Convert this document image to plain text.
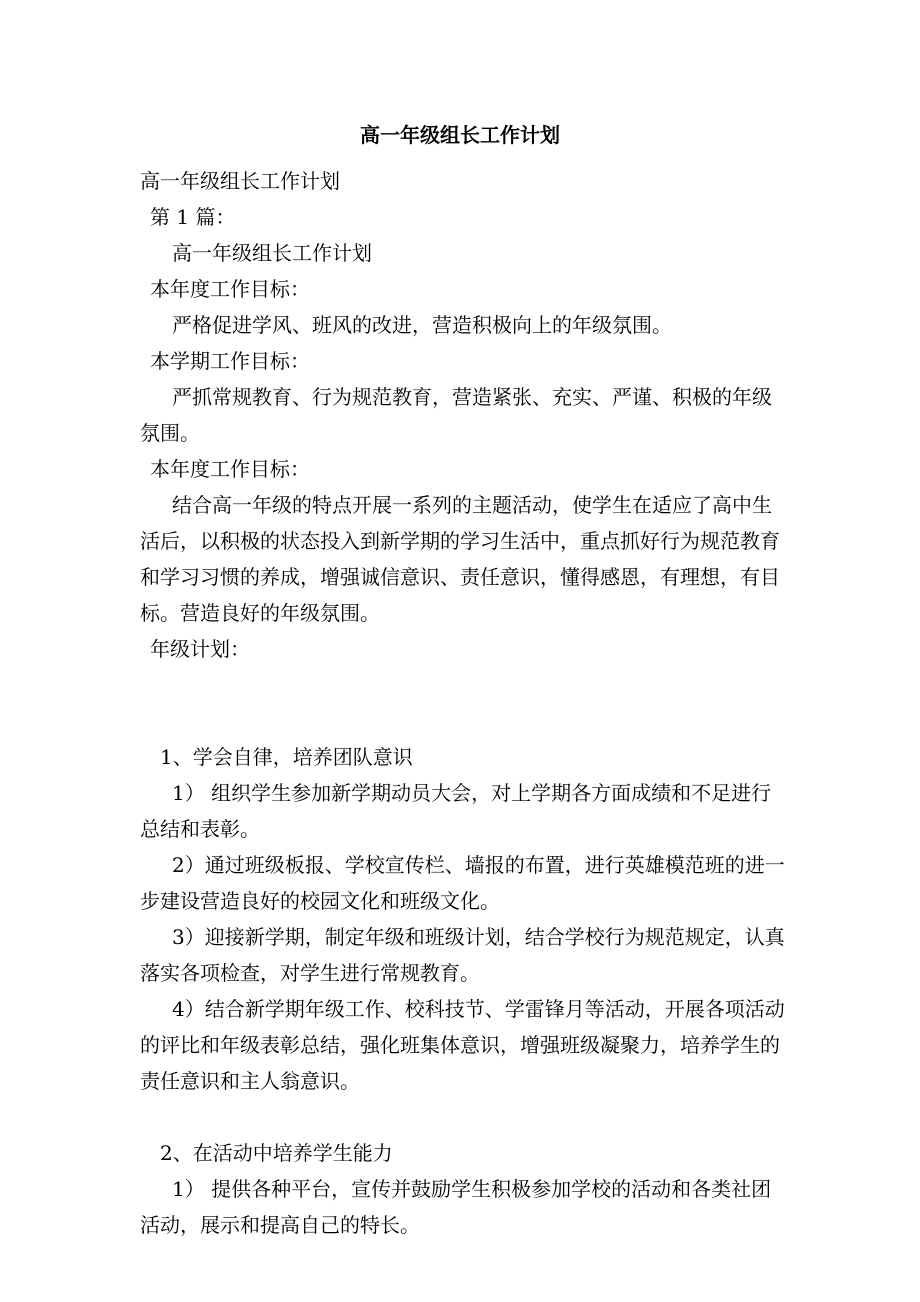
高一年级组长工作计划

高一年级组长工作计划

第 1 篇：

高一年级组长工作计划

本年度工作目标：

严格促进学风、班风的改进，营造积极向上的年级氛围。

本学期工作目标：

严抓常规教育、行为规范教育，营造紧张、充实、严谨、积极的年级氛围。

本年度工作目标：

结合高一年级的特点开展一系列的主题活动，使学生在适应了高中生活后，以积极的状态投入到新学期的学习生活中，重点抓好行为规范教育和学习习惯的养成，增强诚信意识、责任意识，懂得感恩，有理想，有目标。营造良好的年级氛围。

年级计划：

1、学会自律，培养团队意识

1） 组织学生参加新学期动员大会，对上学期各方面成绩和不足进行总结和表彰。

2）通过班级板报、学校宣传栏、墙报的布置，进行英雄模范班的进一步建设营造良好的校园文化和班级文化。

3）迎接新学期，制定年级和班级计划，结合学校行为规范规定，认真落实各项检查，对学生进行常规教育。

4）结合新学期年级工作、校科技节、学雷锋月等活动，开展各项活动的评比和年级表彰总结，强化班集体意识，增强班级凝聚力，培养学生的责任意识和主人翁意识。

2、在活动中培养学生能力

1） 提供各种平台，宣传并鼓励学生积极参加学校的活动和各类社团活动，展示和提高自己的特长。
